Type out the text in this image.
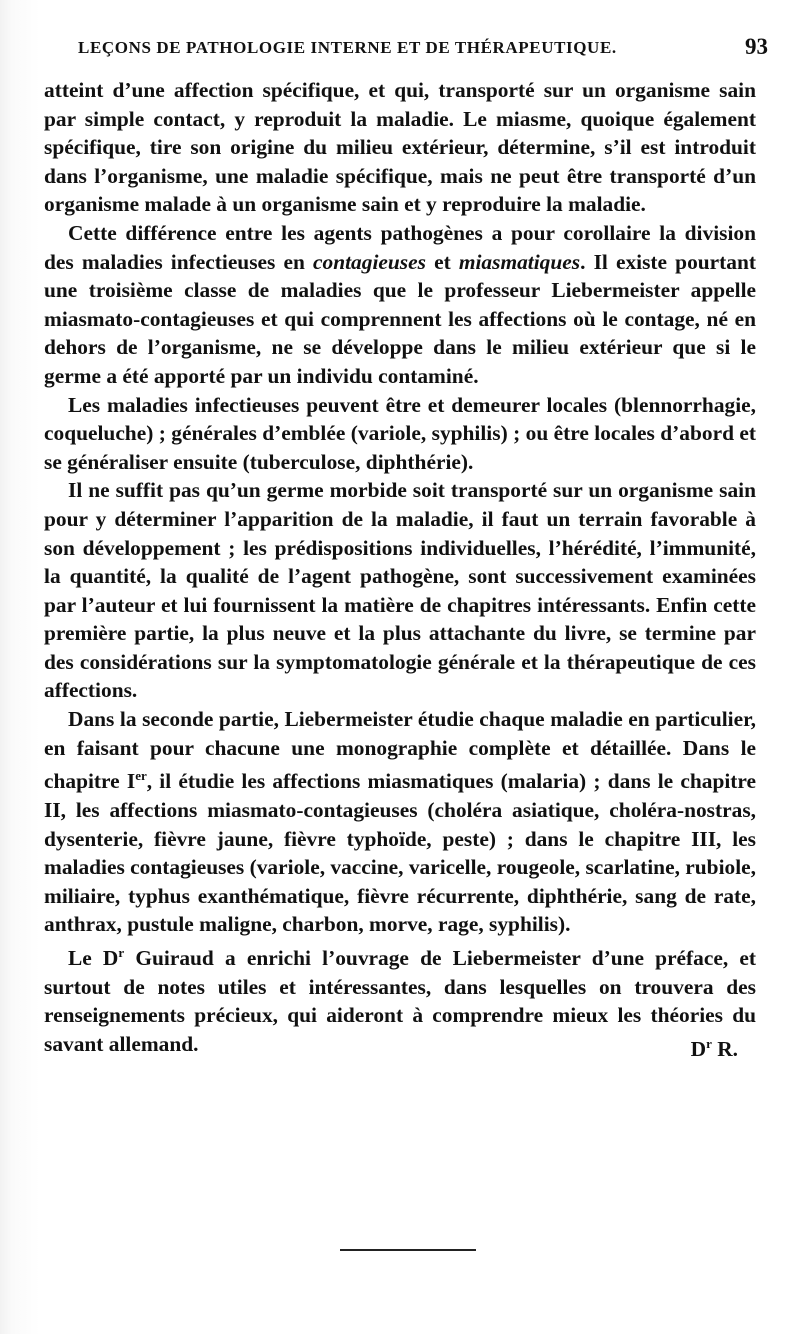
LEÇONS DE PATHOLOGIE INTERNE ET DE THÉRAPEUTIQUE.	93

atteint d’une affection spécifique, et qui, transporté sur un organisme sain par simple contact, y reproduit la maladie. Le miasme, quoique également spécifique, tire son origine du milieu extérieur, détermine, s’il est introduit dans l’organisme, une maladie spécifique, mais ne peut être transporté d’un organisme malade à un organisme sain et y reproduire la maladie.

Cette différence entre les agents pathogènes a pour corollaire la division des maladies infectieuses en contagieuses et miasmatiques. Il existe pourtant une troisième classe de maladies que le professeur Liebermeister appelle miasmato-contagieuses et qui comprennent les affections où le contage, né en dehors de l’organisme, ne se développe dans le milieu extérieur que si le germe a été apporté par un individu contaminé.

Les maladies infectieuses peuvent être et demeurer locales (blennorrhagie, coqueluche) ; générales d’emblée (variole, syphilis) ; ou être locales d’abord et se généraliser ensuite (tuberculose, diphthérie).

Il ne suffit pas qu’un germe morbide soit transporté sur un organisme sain pour y déterminer l’apparition de la maladie, il faut un terrain favorable à son développement ; les prédispositions individuelles, l’hérédité, l’immunité, la quantité, la qualité de l’agent pathogène, sont successivement examinées par l’auteur et lui fournissent la matière de chapitres intéressants. Enfin cette première partie, la plus neuve et la plus attachante du livre, se termine par des considérations sur la symptomatologie générale et la thérapeutique de ces affections.

Dans la seconde partie, Liebermeister étudie chaque maladie en particulier, en faisant pour chacune une monographie complète et détaillée. Dans le chapitre Ier, il étudie les affections miasmatiques (malaria) ; dans le chapitre II, les affections miasmato-contagieuses (choléra asiatique, choléra-nostras, dysenterie, fièvre jaune, fièvre typhoïde, peste) ; dans le chapitre III, les maladies contagieuses (variole, vaccine, varicelle, rougeole, scarlatine, rubiole, miliaire, typhus exanthématique, fièvre récurrente, diphthérie, sang de rate, anthrax, pustule maligne, charbon, morve, rage, syphilis).

Le $D^r$ Guiraud a enrichi l’ouvrage de Liebermeister d’une préface, et surtout de notes utiles et intéressantes, dans lesquelles on trouvera des renseignements précieux, qui aideront à comprendre mieux les théories du savant allemand.	$D^r$ R.
